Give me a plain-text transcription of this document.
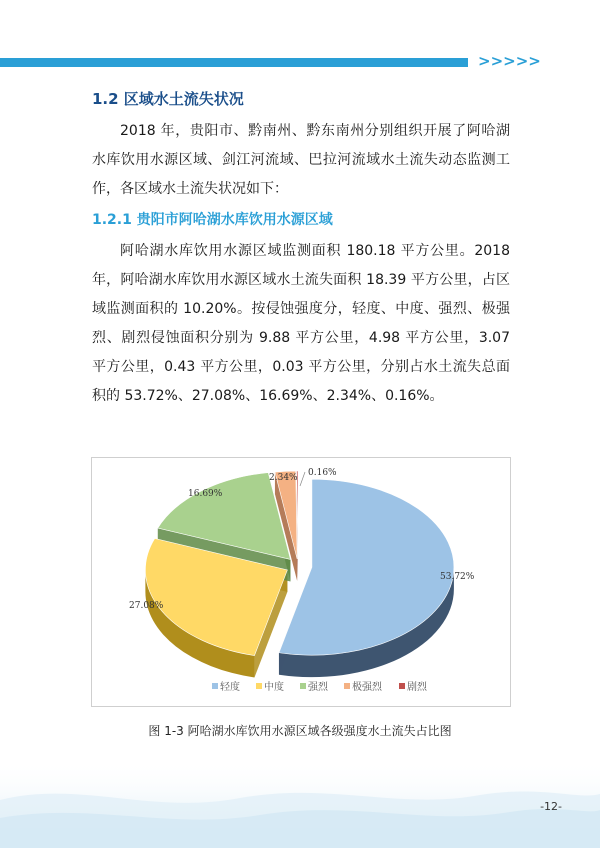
>>>>>
1.2 区域水土流失状况

2018 年，贵阳市、黔南州、黔东南州分别组织开展了阿哈湖水库饮用水源区域、剑江河流域、巴拉河流域水土流失动态监测工作，各区域水土流失状况如下：

1.2.1 贵阳市阿哈湖水库饮用水源区域

阿哈湖水库饮用水源区域监测面积 180.18 平方公里。2018 年，阿哈湖水库饮用水源区域水土流失面积 18.39 平方公里，占区域监测面积的 10.20%。按侵蚀强度分，轻度、中度、强烈、极强烈、剧烈侵蚀面积分别为 9.88 平方公里，4.98 平方公里，3.07 平方公里，0.43 平方公里，0.03 平方公里，分别占水土流失总面积的 53.72%、27.08%、16.69%、2.34%、0.16%。

53.72%
27.08%
16.69%
2.34% 0.16%
轻度 中度 强烈 极强烈	剧烈
图 1-3 阿哈湖水库饮用水源区域各级强度水土流失占比图
-12-
